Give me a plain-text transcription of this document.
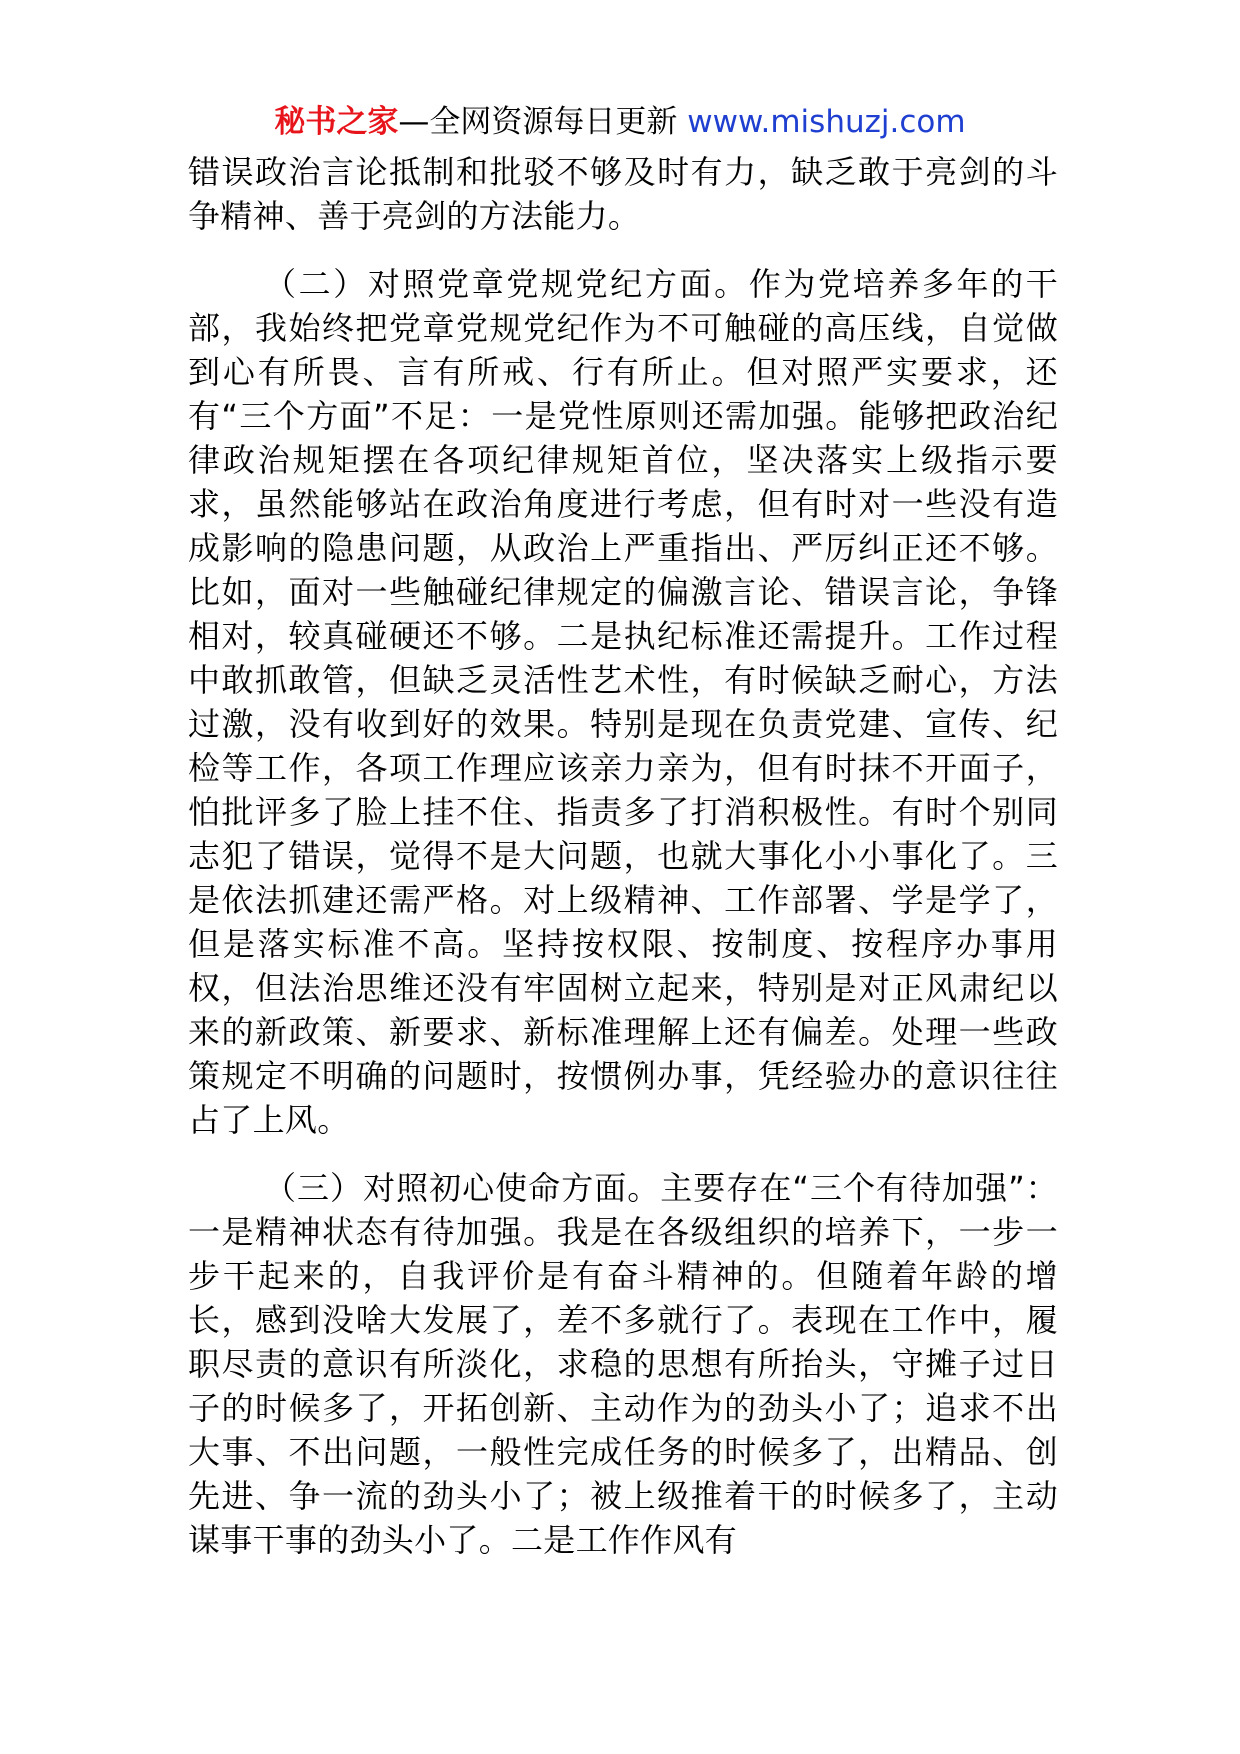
秘书之家—全网资源每日更新 www.mishuzj.com

错误政治言论抵制和批驳不够及时有力，缺乏敢于亮剑的斗争精神、善于亮剑的方法能力。

（二）对照党章党规党纪方面。作为党培养多年的干部，我始终把党章党规党纪作为不可触碰的高压线，自觉做到心有所畏、言有所戒、行有所止。但对照严实要求，还有“三个方面”不足：一是党性原则还需加强。能够把政治纪律政治规矩摆在各项纪律规矩首位，坚决落实上级指示要求，虽然能够站在政治角度进行考虑，但有时对一些没有造成影响的隐患问题，从政治上严重指出、严厉纠正还不够。比如，面对一些触碰纪律规定的偏激言论、错误言论，争锋相对，较真碰硬还不够。二是执纪标准还需提升。工作过程中敢抓敢管，但缺乏灵活性艺术性，有时候缺乏耐心，方法过激，没有收到好的效果。特别是现在负责党建、宣传、纪检等工作，各项工作理应该亲力亲为，但有时抹不开面子，怕批评多了脸上挂不住、指责多了打消积极性。有时个别同志犯了错误，觉得不是大问题，也就大事化小小事化了。三是依法抓建还需严格。对上级精神、工作部署、学是学了，但是落实标准不高。坚持按权限、按制度、按程序办事用权，但法治思维还没有牢固树立起来，特别是对正风肃纪以来的新政策、新要求、新标准理解上还有偏差。处理一些政策规定不明确的问题时，按惯例办事，凭经验办的意识往往占了上风。

（三）对照初心使命方面。主要存在“三个有待加强”：一是精神状态有待加强。我是在各级组织的培养下，一步一步干起来的，自我评价是有奋斗精神的。但随着年龄的增长，感到没啥大发展了，差不多就行了。表现在工作中，履职尽责的意识有所淡化，求稳的思想有所抬头，守摊子过日子的时候多了，开拓创新、主动作为的劲头小了；追求不出大事、不出问题，一般性完成任务的时候多了，出精品、创先进、争一流的劲头小了；被上级推着干的时候多了，主动谋事干事的劲头小了。二是工作作风有
